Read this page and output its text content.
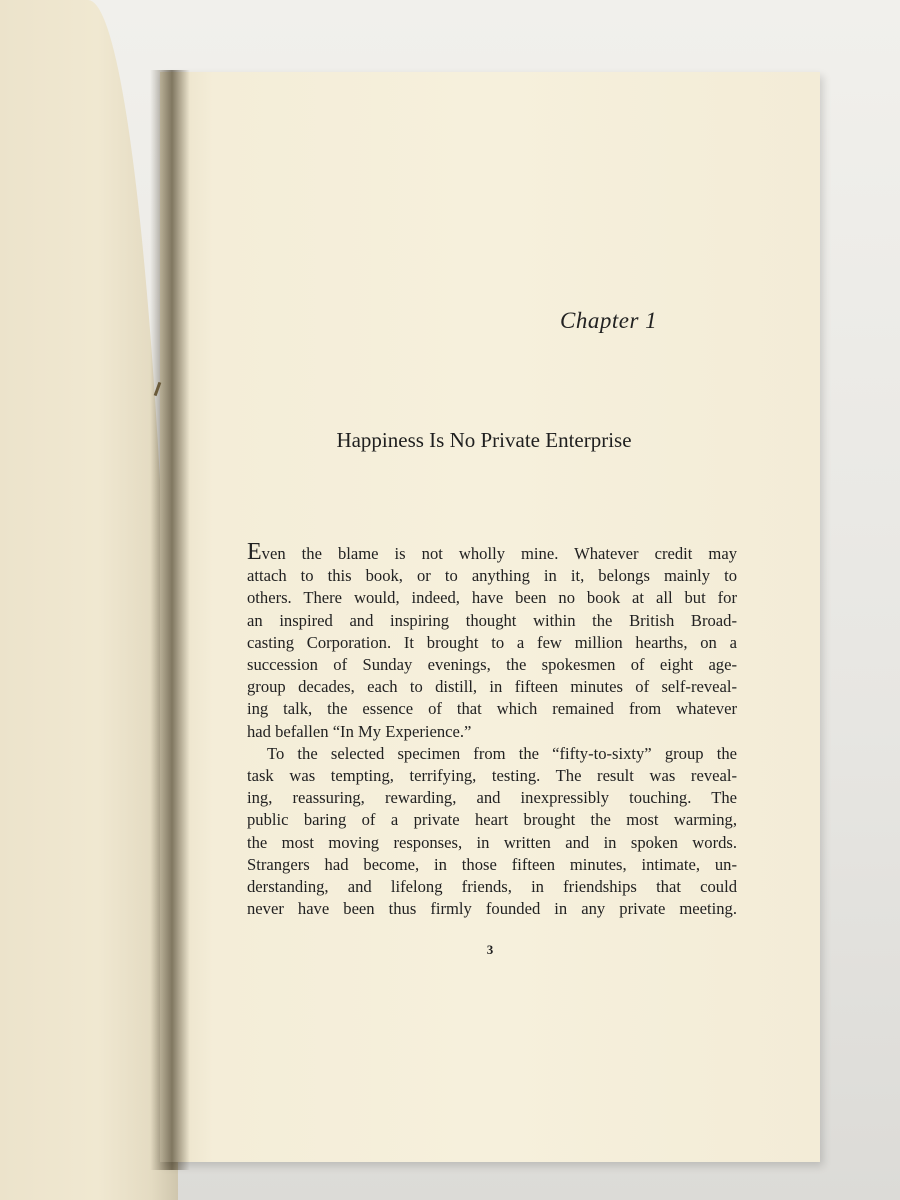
Chapter 1
Happiness Is No Private Enterprise
Even the blame is not wholly mine. Whatever credit may
attach to this book, or to anything in it, belongs mainly to
others. There would, indeed, have been no book at all but for
an inspired and inspiring thought within the British Broad-
casting Corporation. It brought to a few million hearths, on a
succession of Sunday evenings, the spokesmen of eight age-
group decades, each to distill, in fifteen minutes of self-reveal-
ing talk, the essence of that which remained from whatever
had befallen “In My Experience.”
To the selected specimen from the “fifty-to-sixty” group the
task was tempting, terrifying, testing. The result was reveal-
ing, reassuring, rewarding, and inexpressibly touching. The
public baring of a private heart brought the most warming,
the most moving responses, in written and in spoken words.
Strangers had become, in those fifteen minutes, intimate, un-
derstanding, and lifelong friends, in friendships that could
never have been thus firmly founded in any private meeting.
3
